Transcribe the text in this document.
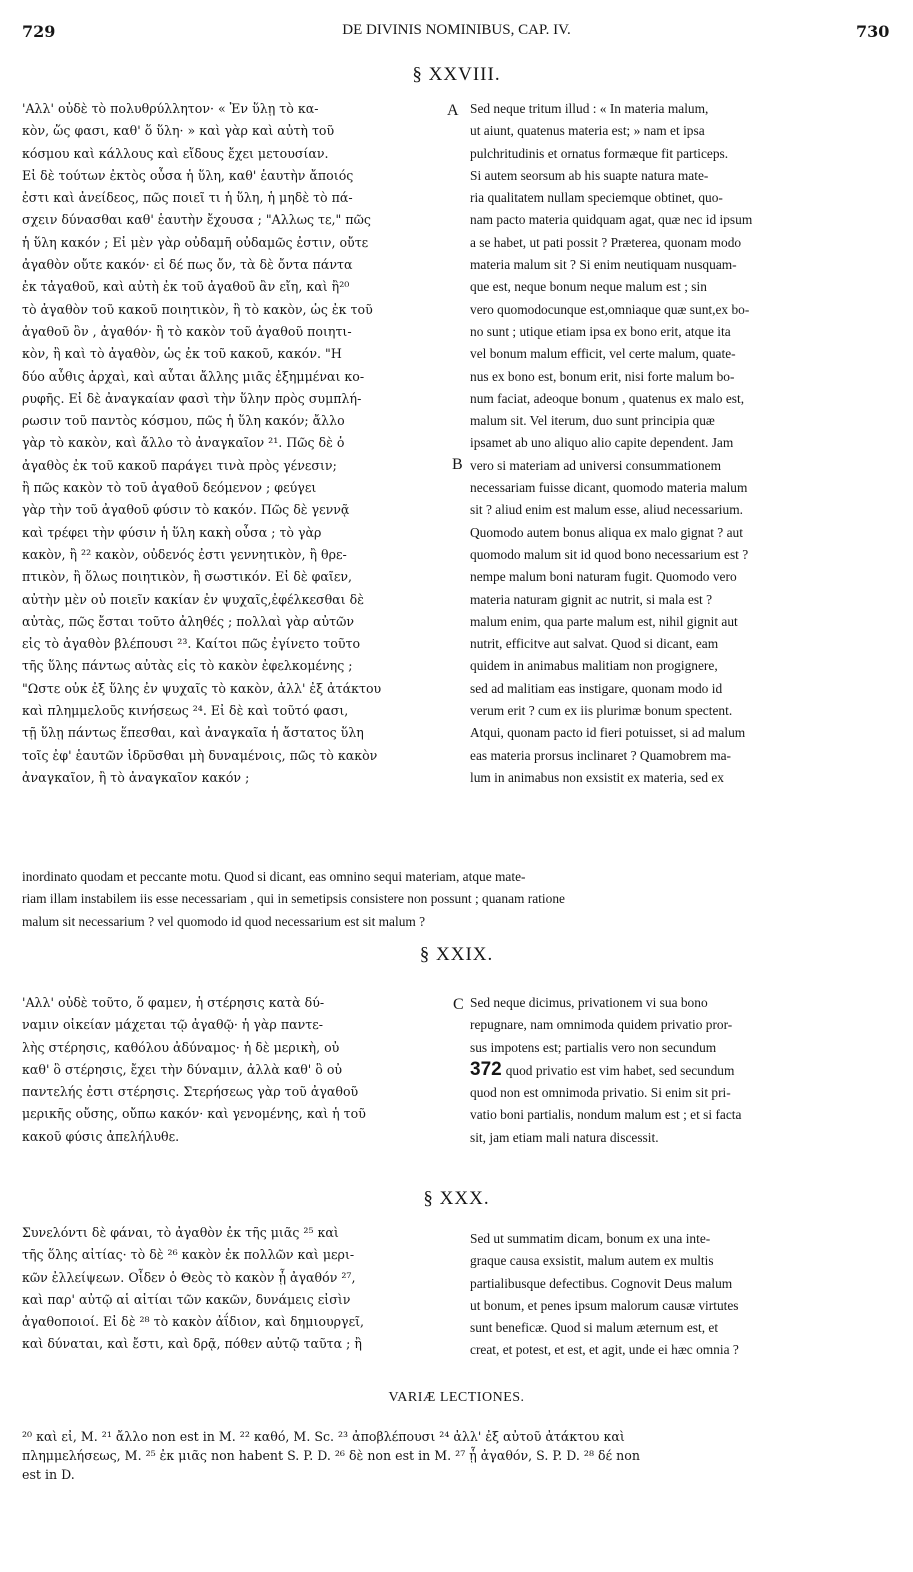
729	DE DIVINIS NOMINIBUS, CAP. IV.	730
§ XXVIII.
A
B
'Αλλ' οὐδὲ τὸ πολυθρύλλητον· « Ἐν ὕλῃ τὸ κα-
κὸν, ὥς φασι, καθ' ὅ ὕλη· » καὶ γὰρ καὶ αὐτὴ τοῦ
κόσμου καὶ κάλλους καὶ εἴδους ἔχει μετουσίαν.
Εἰ δὲ τούτων ἐκτὸς οὖσα ἡ ὕλη, καθ' ἑαυτὴν ἄποιός
ἐστι καὶ ἀνείδεος, πῶς ποιεῖ τι ἡ ὕλη, ἡ μηδὲ τὸ πά-
σχειν δύνασθαι καθ' ἑαυτὴν ἔχουσα ; "Αλλως τε," πῶς
ἡ ὕλη κακόν ; Εἰ μὲν γὰρ οὐδαμῆ οὐδαμῶς ἐστιν, οὔτε
ἀγαθὸν οὔτε κακόν· εἰ δέ πως ὄν, τὰ δὲ ὄντα πάντα
ἐκ τἀγαθοῦ, καὶ αὐτὴ ἐκ τοῦ ἀγαθοῦ ἂν εἴη, καὶ ἢ²⁰
τὸ ἀγαθὸν τοῦ κακοῦ ποιητικὸν, ἢ τὸ κακὸν, ὡς ἐκ τοῦ
ἀγαθοῦ ὂν , ἀγαθόν· ἢ τὸ κακὸν τοῦ ἀγαθοῦ ποιητι-
κὸν, ἢ καὶ τὸ ἀγαθὸν, ὡς ἐκ τοῦ κακοῦ, κακόν. "Η
δύο αὖθις ἀρχαὶ, καὶ αὗται ἄλλης μιᾶς ἐξημμέναι κο-
ρυφῆς. Εἰ δὲ ἀναγκαίαν φασὶ τὴν ὕλην πρὸς συμπλή-
ρωσιν τοῦ παντὸς κόσμου, πῶς ἡ ὕλη κακόν; ἄλλο
γὰρ τὸ κακὸν, καὶ ἄλλο τὸ ἀναγκαῖον ²¹. Πῶς δὲ ὁ
ἀγαθὸς ἐκ τοῦ κακοῦ παράγει τινὰ πρὸς γένεσιν;
ἢ πῶς κακὸν τὸ τοῦ ἀγαθοῦ δεόμενον ; φεύγει
γὰρ τὴν τοῦ ἀγαθοῦ φύσιν τὸ κακόν. Πῶς δὲ γεννᾷ
καὶ τρέφει τὴν φύσιν ἡ ὕλη κακὴ οὖσα ; τὸ γὰρ
κακὸν, ἢ ²² κακὸν, οὐδενός ἐστι γεννητικὸν, ἢ θρε-
πτικὸν, ἢ ὅλως ποιητικὸν, ἢ σωστικόν. Εἰ δὲ φαῖεν,
αὐτὴν μὲν οὐ ποιεῖν κακίαν ἐν ψυχαῖς,ἐφέλκεσθαι δὲ
αὐτὰς, πῶς ἔσται τοῦτο ἀληθές ; πολλαὶ γὰρ αὐτῶν
εἰς τὸ ἀγαθὸν βλέπουσι ²³. Καίτοι πῶς ἐγίνετο τοῦτο
τῆς ὕλης πάντως αὐτὰς εἰς τὸ κακὸν ἐφελκομένης ;
"Ωστε οὐκ ἐξ ὕλης ἐν ψυχαῖς τὸ κακὸν, ἀλλ' ἐξ ἀτάκτου
καὶ πλημμελοῦς κινήσεως ²⁴. Εἰ δὲ καὶ τοῦτό φασι,
τῇ ὕλῃ πάντως ἕπεσθαι, καὶ ἀναγκαῖα ἡ ἄστατος ὕλη
τοῖς ἐφ' ἑαυτῶν ἱδρῦσθαι μὴ δυναμένοις, πῶς τὸ κακὸν
ἀναγκαῖον, ἢ τὸ ἀναγκαῖον κακόν ;
Sed neque tritum illud : « In materia malum,
ut aiunt, quatenus materia est; » nam et ipsa
pulchritudinis et ornatus formæque fit particeps.
Si autem seorsum ab his suapte natura mate-
ria qualitatem nullam speciemque obtinet, quo-
nam pacto materia quidquam agat, quæ nec id ipsum
a se habet, ut pati possit ? Præterea, quonam modo
materia malum sit ? Si enim neutiquam nusquam-
que est, neque bonum neque malum est ; sin
vero quomodocunque est,omniaque quæ sunt,ex bo-
no sunt ; utique etiam ipsa ex bono erit, atque ita
vel bonum malum efficit, vel certe malum, quate-
nus ex bono est, bonum erit, nisi forte malum bo-
num faciat, adeoque bonum , quatenus ex malo est,
malum sit. Vel iterum, duo sunt principia quæ
ipsamet ab uno aliquo alio capite dependent. Jam
vero si materiam ad universi consummationem
necessariam fuisse dicant, quomodo materia malum
sit ? aliud enim est malum esse, aliud necessarium.
Quomodo autem bonus aliqua ex malo gignat ? aut
quomodo malum sit id quod bono necessarium est ?
nempe malum boni naturam fugit. Quomodo vero
materia naturam gignit ac nutrit, si mala est ?
malum enim, qua parte malum est, nihil gignit aut
nutrit, efficitve aut salvat. Quod si dicant, eam
quidem in animabus malitiam non progignere,
sed ad malitiam eas instigare, quonam modo id
verum erit ? cum ex iis plurimæ bonum spectent.
Atqui, quonam pacto id fieri potuisset, si ad malum
eas materia prorsus inclinaret ? Quamobrem ma-
lum in animabus non exsistit ex materia, sed ex
inordinato quodam et peccante motu. Quod si dicant, eas omnino sequi materiam, atque mate-
riam illam instabilem iis esse necessariam , qui in semetipsis consistere non possunt ; quanam ratione
malum sit necessarium ? vel quomodo id quod necessarium est sit malum ?
§ XXIX.
C
'Αλλ' οὐδὲ τοῦτο, ὅ φαμεν, ἡ στέρησις κατὰ δύ-
ναμιν οἰκείαν μάχεται τῷ ἀγαθῷ· ἡ γὰρ παντε-
λὴς στέρησις, καθόλου ἀδύναμος· ἡ δὲ μερικὴ, οὐ
καθ' ὃ στέρησις, ἔχει τὴν δύναμιν, ἀλλὰ καθ' ὃ οὐ
παντελής ἐστι στέρησις. Στερήσεως γὰρ τοῦ ἀγαθοῦ
μερικῆς οὔσης, οὔπω κακόν· καὶ γενομένης, καὶ ἡ τοῦ
κακοῦ φύσις ἀπελήλυθε.
Sed neque dicimus, privationem vi sua bono
repugnare, nam omnimoda quidem privatio pror-
sus impotens est; partialis vero non secundum
372 quod privatio est vim habet, sed secundum
quod non est omnimoda privatio. Si enim sit pri-
vatio boni partialis, nondum malum est ; et si facta
sit, jam etiam mali natura discessit.
§ XXX.
Συνελόντι δὲ φάναι, τὸ ἀγαθὸν ἐκ τῆς μιᾶς ²⁵ καὶ
τῆς ὅλης αἰτίας· τὸ δὲ ²⁶ κακὸν ἐκ πολλῶν καὶ μερι-
κῶν ἐλλείψεων. Οἶδεν ὁ Θεὸς τὸ κακὸν ᾗ ἀγαθόν ²⁷,
καὶ παρ' αὐτῷ αἱ αἰτίαι τῶν κακῶν, δυνάμεις εἰσὶν
ἀγαθοποιοί. Εἰ δὲ ²⁸ τὸ κακὸν ἀΐδιον, καὶ δημιουργεῖ,
καὶ δύναται, καὶ ἔστι, καὶ δρᾷ, πόθεν αὐτῷ ταῦτα ; ἢ
Sed ut summatim dicam, bonum ex una inte-
graque causa exsistit, malum autem ex multis
partialibusque defectibus. Cognovit Deus malum
ut bonum, et penes ipsum malorum causæ virtutes
sunt beneficæ. Quod si malum æternum est, et
creat, et potest, et est, et agit, unde ei hæc omnia ?
VARIÆ LECTIONES.
²⁰ καὶ εἰ, M. ²¹ ἄλλο non est in M. ²² καθό, M. Sc. ²³ ἀποβλέπουσι ²⁴ ἀλλ' ἐξ αὐτοῦ ἀτάκτου καὶ
πλημμελήσεως, M. ²⁵ ἐκ μιᾶς non habent S. P. D. ²⁶ δὲ non est in M. ²⁷ ᾗ ἀγαθόν, S. P. D. ²⁸ δέ non
est in D.
